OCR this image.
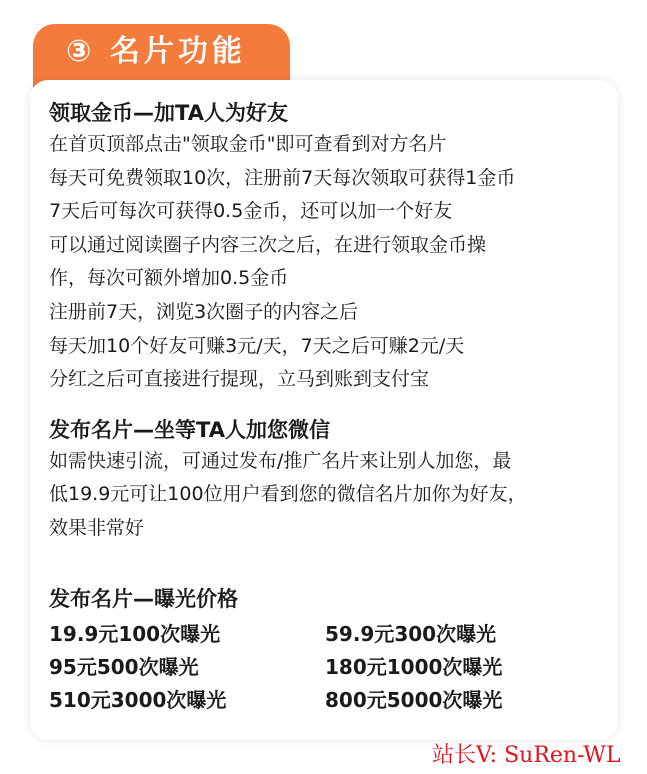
③ 名片功能

领取金币—加TA人为好友

在首页顶部点击"领取金币"即可查看到对方名片

每天可免费领取10次，注册前7天每次领取可获得1金币

7天后可每次可获得0.5金币，还可以加一个好友

可以通过阅读圈子内容三次之后，在进行领取金币操

作，每次可额外增加0.5金币

注册前7天，浏览3次圈子的内容之后

每天加10个好友可赚3元/天，7天之后可赚2元/天

分红之后可直接进行提现，立马到账到支付宝

发布名片—坐等TA人加您微信

如需快速引流，可通过发布/推广名片来让别人加您，最

低19.9元可让100位用户看到您的微信名片加你为好友，

效果非常好

发布名片—曝光价格

19.9元100次曝光	59.9元300次曝光
95元500次曝光	180元1000次曝光
510元3000次曝光	800元5000次曝光
站长V: SuRen-WL
